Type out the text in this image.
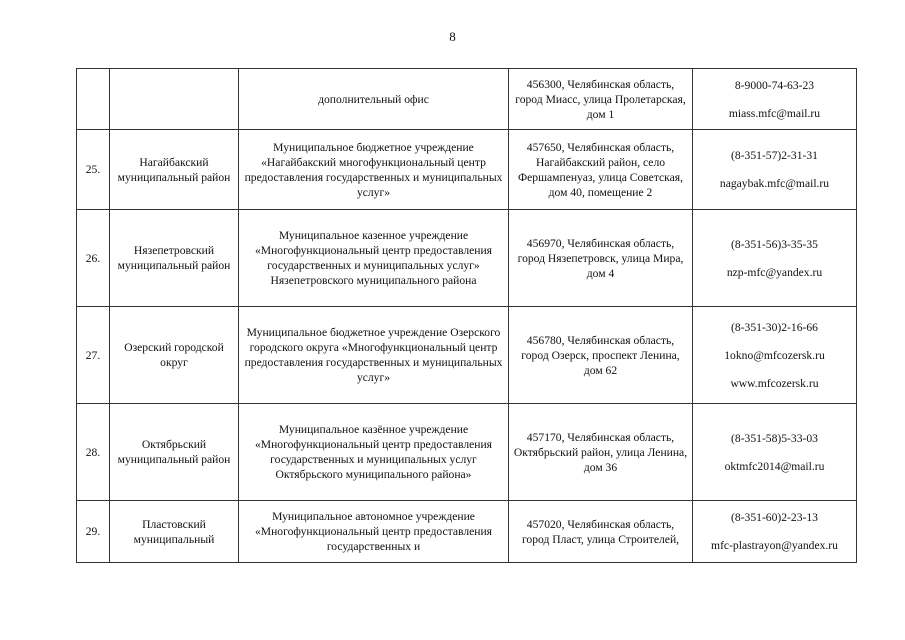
8
		дополнительный офис	456300, Челябинская область, город Миасс, улица Пролетарская, дом 1	8-9000-74-63-23
miass.mfc@mail.ru

25.	Нагайбакский муниципальный район	Муниципальное бюджетное учреждение «Нагайбакский многофункциональный центр предоставления государственных и муниципальных услуг»	457650, Челябинская область, Нагайбакский район, село Фершампенуаз, улица Советская, дом 40, помещение 2	(8-351-57)2-31-31
nagaybak.mfc@mail.ru

26.	Нязепетровский муниципальный район	Муниципальное казенное учреждение «Многофункциональный центр предоставления государственных и муниципальных услуг» Нязепетровского муниципального района	456970, Челябинская область, город Нязепетровск, улица Мира, дом 4	(8-351-56)3-35-35
nzp-mfc@yandex.ru

27.	Озерский городской округ	Муниципальное бюджетное учреждение Озерского городского округа «Многофункциональный центр предоставления государственных и муниципальных услуг»	456780, Челябинская область, город Озерск, проспект Ленина, дом 62	(8-351-30)2-16-66
1okno@mfcozersk.ru
www.mfcozersk.ru

28.	Октябрьский муниципальный район	Муниципальное казённое учреждение «Многофункциональный центр предоставления государственных и муниципальных услуг Октябрьского муниципального района»	457170, Челябинская область, Октябрьский район, улица Ленина, дом 36	(8-351-58)5-33-03
oktmfc2014@mail.ru

29.	Пластовский муниципальный	Муниципальное автономное учреждение «Многофункциональный центр предоставления государственных и	457020, Челябинская область, город Пласт, улица Строителей,	(8-351-60)2-23-13
mfc-plastrayon@yandex.ru
